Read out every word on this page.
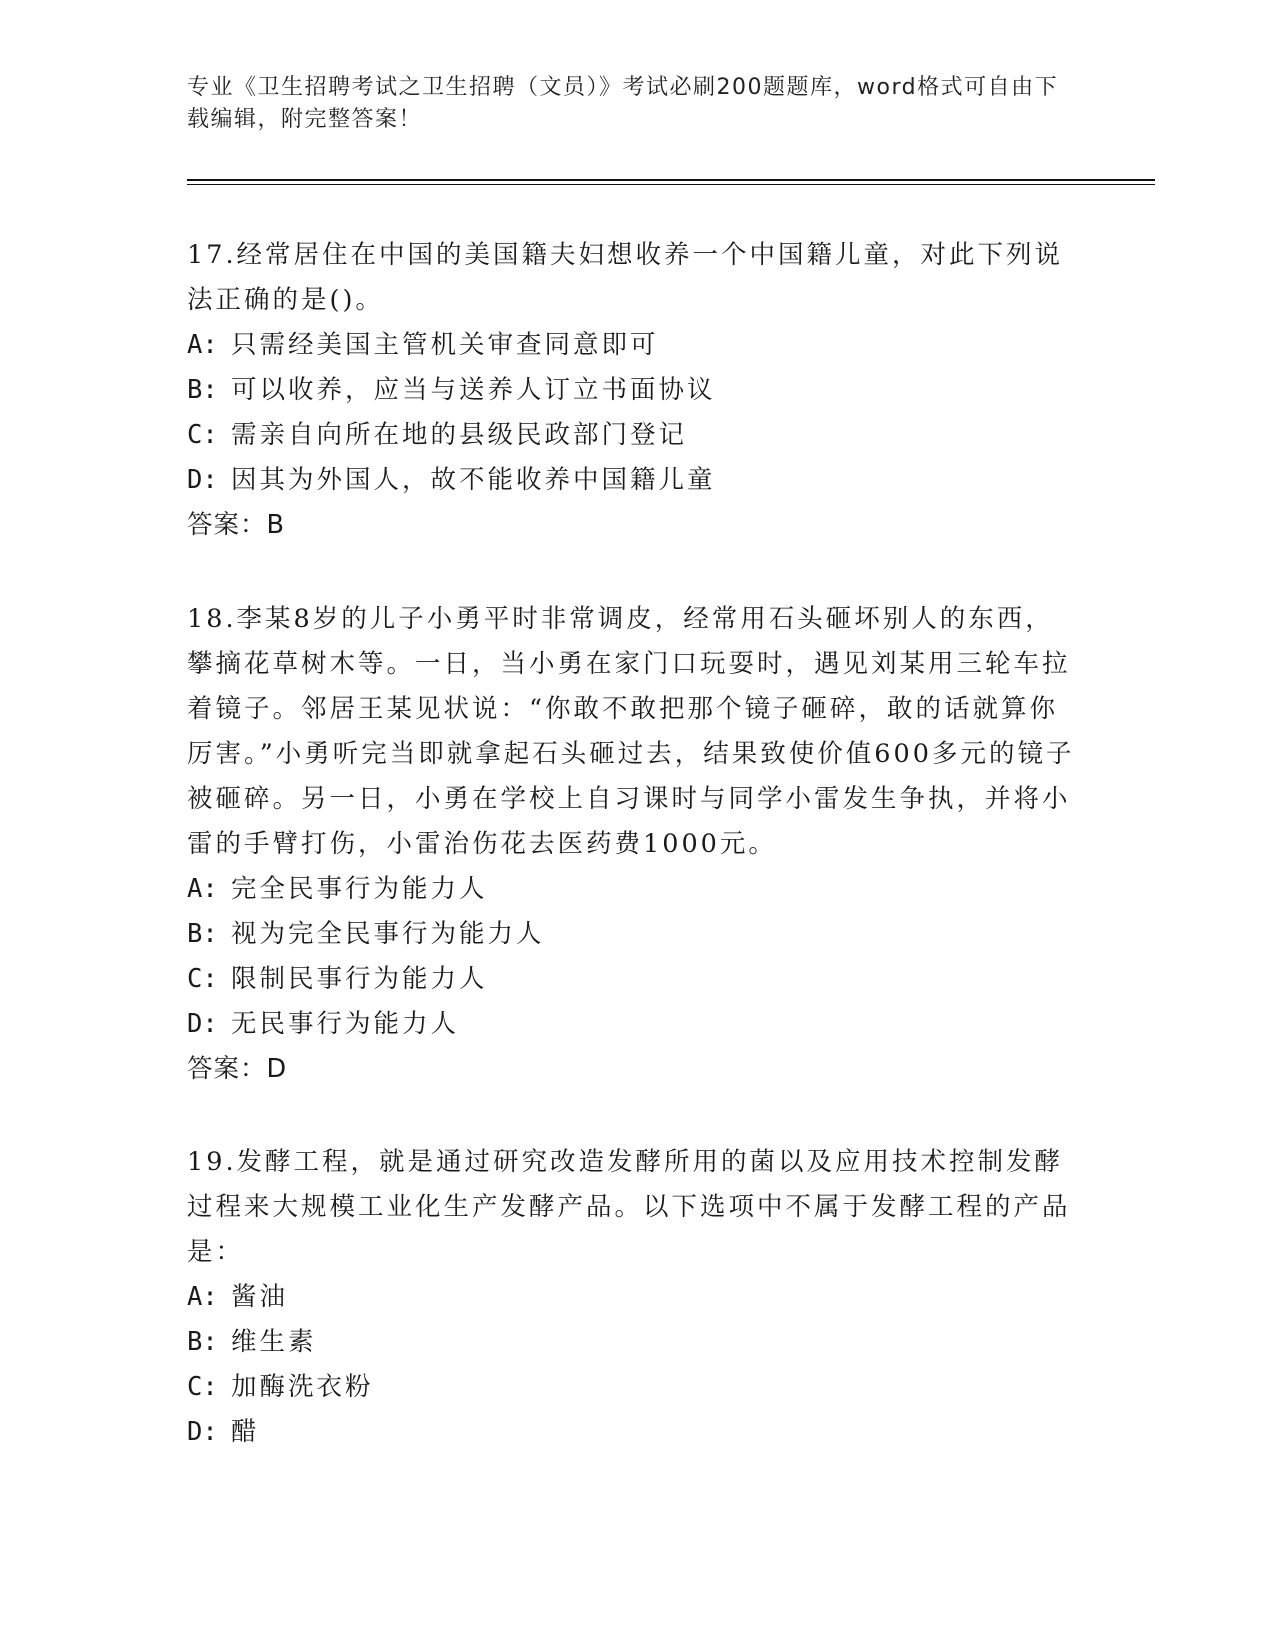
专业《卫生招聘考试之卫生招聘（文员）》考试必刷200题题库，word格式可自由下载编辑，附完整答案！

17.经常居住在中国的美国籍夫妇想收养一个中国籍儿童，对此下列说法正确的是()。

A: 只需经美国主管机关审查同意即可

B: 可以收养，应当与送养人订立书面协议

C: 需亲自向所在地的县级民政部门登记

D: 因其为外国人，故不能收养中国籍儿童

答案：B

18.李某8岁的儿子小勇平时非常调皮，经常用石头砸坏别人的东西，攀摘花草树木等。一日，当小勇在家门口玩耍时，遇见刘某用三轮车拉着镜子。邻居王某见状说：“你敢不敢把那个镜子砸碎，敢的话就算你厉害。”小勇听完当即就拿起石头砸过去，结果致使价值600多元的镜子被砸碎。另一日，小勇在学校上自习课时与同学小雷发生争执，并将小雷的手臂打伤，小雷治伤花去医药费1000元。

A: 完全民事行为能力人

B: 视为完全民事行为能力人

C: 限制民事行为能力人

D: 无民事行为能力人

答案：D

19.发酵工程，就是通过研究改造发酵所用的菌以及应用技术控制发酵过程来大规模工业化生产发酵产品。以下选项中不属于发酵工程的产品是：

A: 酱油

B: 维生素

C: 加酶洗衣粉

D: 醋
